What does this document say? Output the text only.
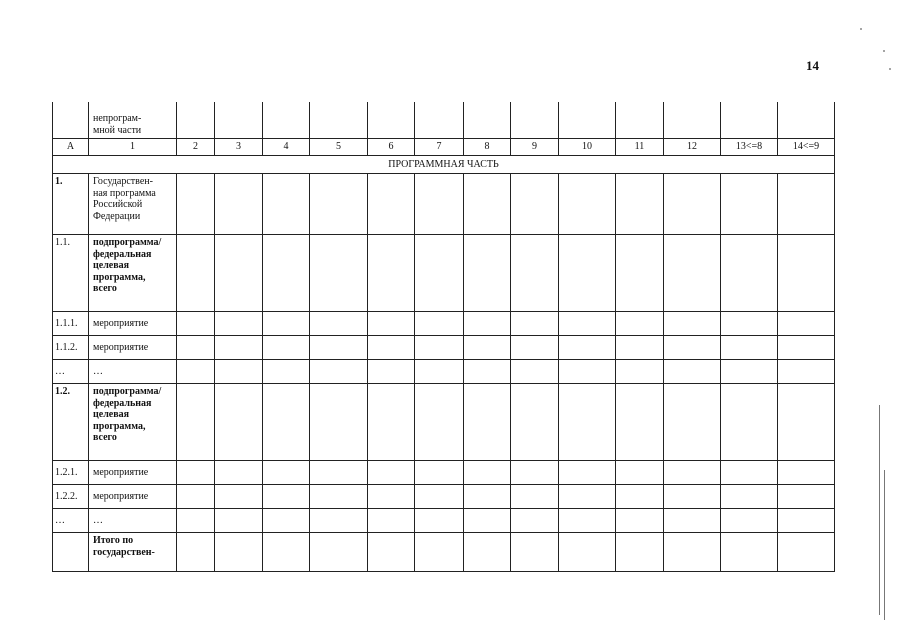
14
	непрограм-
мной части													
А	1	2	3	4	5	6	7	8	9	10	11	12	13<=8	14<=9
ПРОГРАММНАЯ ЧАСТЬ														
1.	Государствен-
ная программа
Российской
Федерации													
1.1.	подпрограмма/
федеральная
целевая
программа,
всего													
1.1.1.	мероприятие													
1.1.2.	мероприятие													
…	…													
1.2.	подпрограмма/
федеральная
целевая
программа,
всего													
1.2.1.	мероприятие													
1.2.2.	мероприятие													
…	…													
	Итого по
государствен-													
